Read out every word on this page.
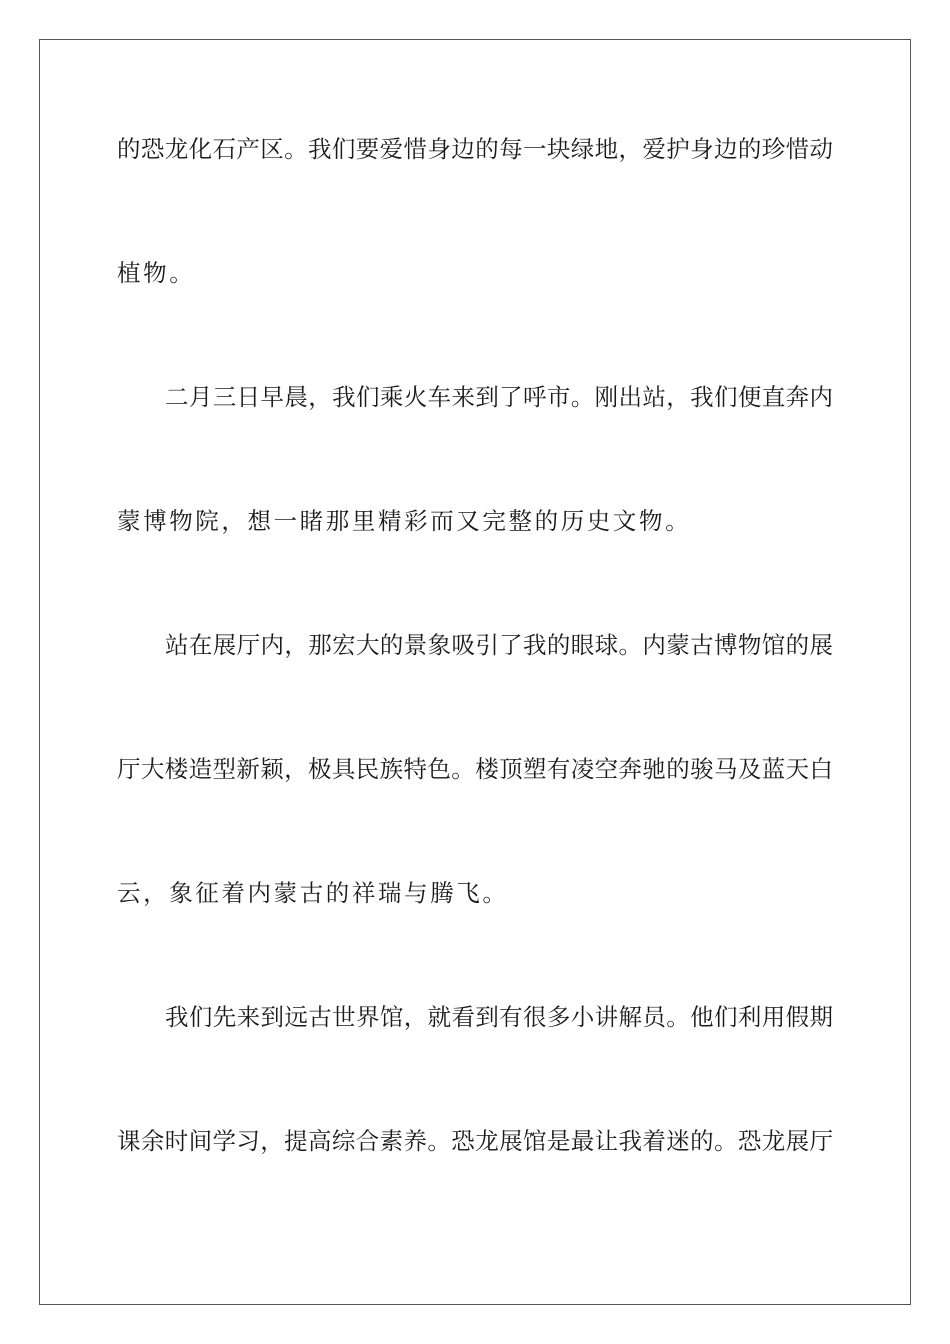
的恐龙化石产区。我们要爱惜身边的每一块绿地，爱护身边的珍惜动
植物。
二月三日早晨，我们乘火车来到了呼市。刚出站，我们便直奔内
蒙博物院，想一睹那里精彩而又完整的历史文物。
站在展厅内，那宏大的景象吸引了我的眼球。内蒙古博物馆的展
厅大楼造型新颖，极具民族特色。楼顶塑有凌空奔驰的骏马及蓝天白
云，象征着内蒙古的祥瑞与腾飞。
我们先来到远古世界馆，就看到有很多小讲解员。他们利用假期
课余时间学习，提高综合素养。恐龙展馆是最让我着迷的。恐龙展厅
